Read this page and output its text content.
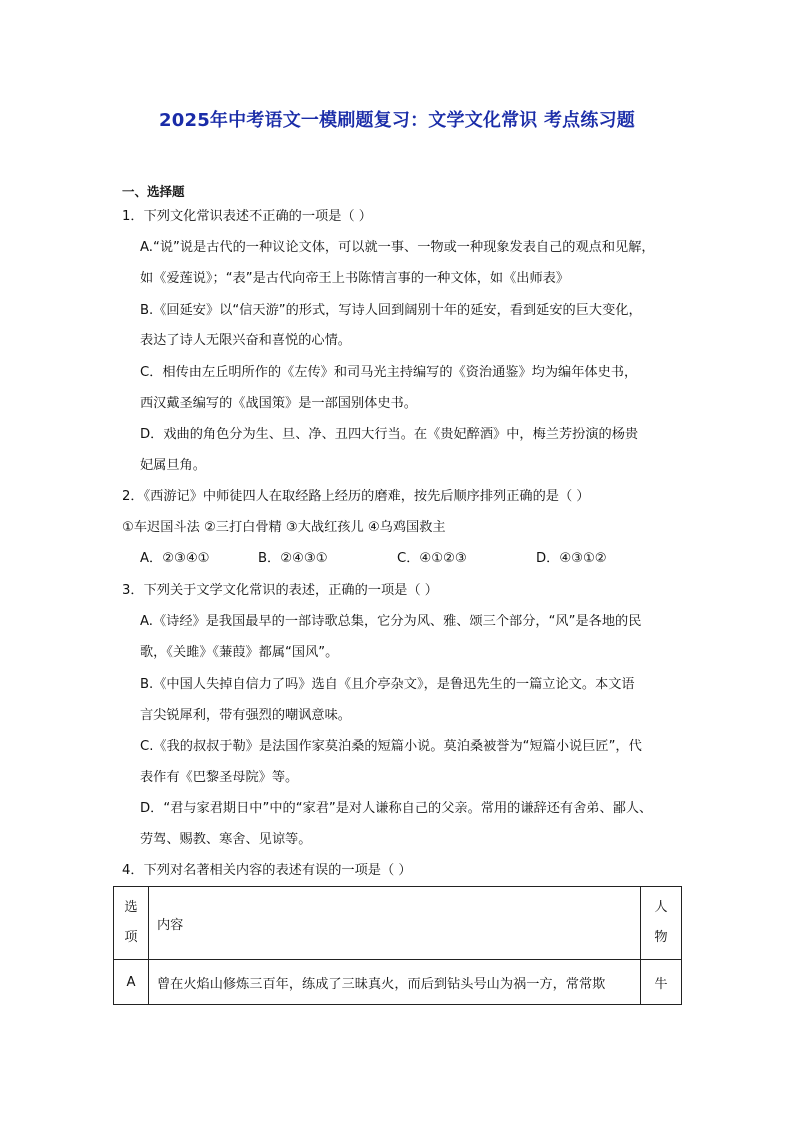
2025年中考语文一模刷题复习：文学文化常识 考点练习题
一、选择题
1．下列文化常识表述不正确的一项是（ ）
A.“说”说是古代的一种议论文体，可以就一事、一物或一种现象发表自己的观点和见解，
如《爱莲说》；“表”是古代向帝王上书陈情言事的一种文体，如《出师表》
B.《回延安》以“信天游”的形式，写诗人回到阔别十年的延安，看到延安的巨大变化，
表达了诗人无限兴奋和喜悦的心情。
C．相传由左丘明所作的《左传》和司马光主持编写的《资治通鉴》均为编年体史书，
西汉戴圣编写的《战国策》是一部国别体史书。
D．戏曲的角色分为生、旦、净、丑四大行当。在《贵妃醉酒》中，梅兰芳扮演的杨贵
妃属旦角。
2．《西游记》中师徒四人在取经路上经历的磨难，按先后顺序排列正确的是（ ）
①车迟国斗法 ②三打白骨精 ③大战红孩儿 ④乌鸡国救主
A．②③④①	B．②④③①	C．④①②③	D．④③①②
3．下列关于文学文化常识的表述，正确的一项是（ ）
A.《诗经》是我国最早的一部诗歌总集，它分为风、雅、颂三个部分，“风”是各地的民
歌，《关雎》《蒹葭》都属“国风”。
B.《中国人失掉自信力了吗》选自《且介亭杂文》，是鲁迅先生的一篇立论文。本文语
言尖锐犀利，带有强烈的嘲讽意味。
C.《我的叔叔于勒》是法国作家莫泊桑的短篇小说。莫泊桑被誉为“短篇小说巨匠”，代
表作有《巴黎圣母院》等。
D．“君与家君期日中”中的“家君”是对人谦称自己的父亲。常用的谦辞还有舍弟、鄙人、
劳驾、赐教、寒舍、见谅等。
4．下列对名著相关内容的表述有误的一项是（ ）
选
项	内容	人
物

A	曾在火焰山修炼三百年，练成了三昧真火，而后到钻头号山为祸一方，常常欺	牛
